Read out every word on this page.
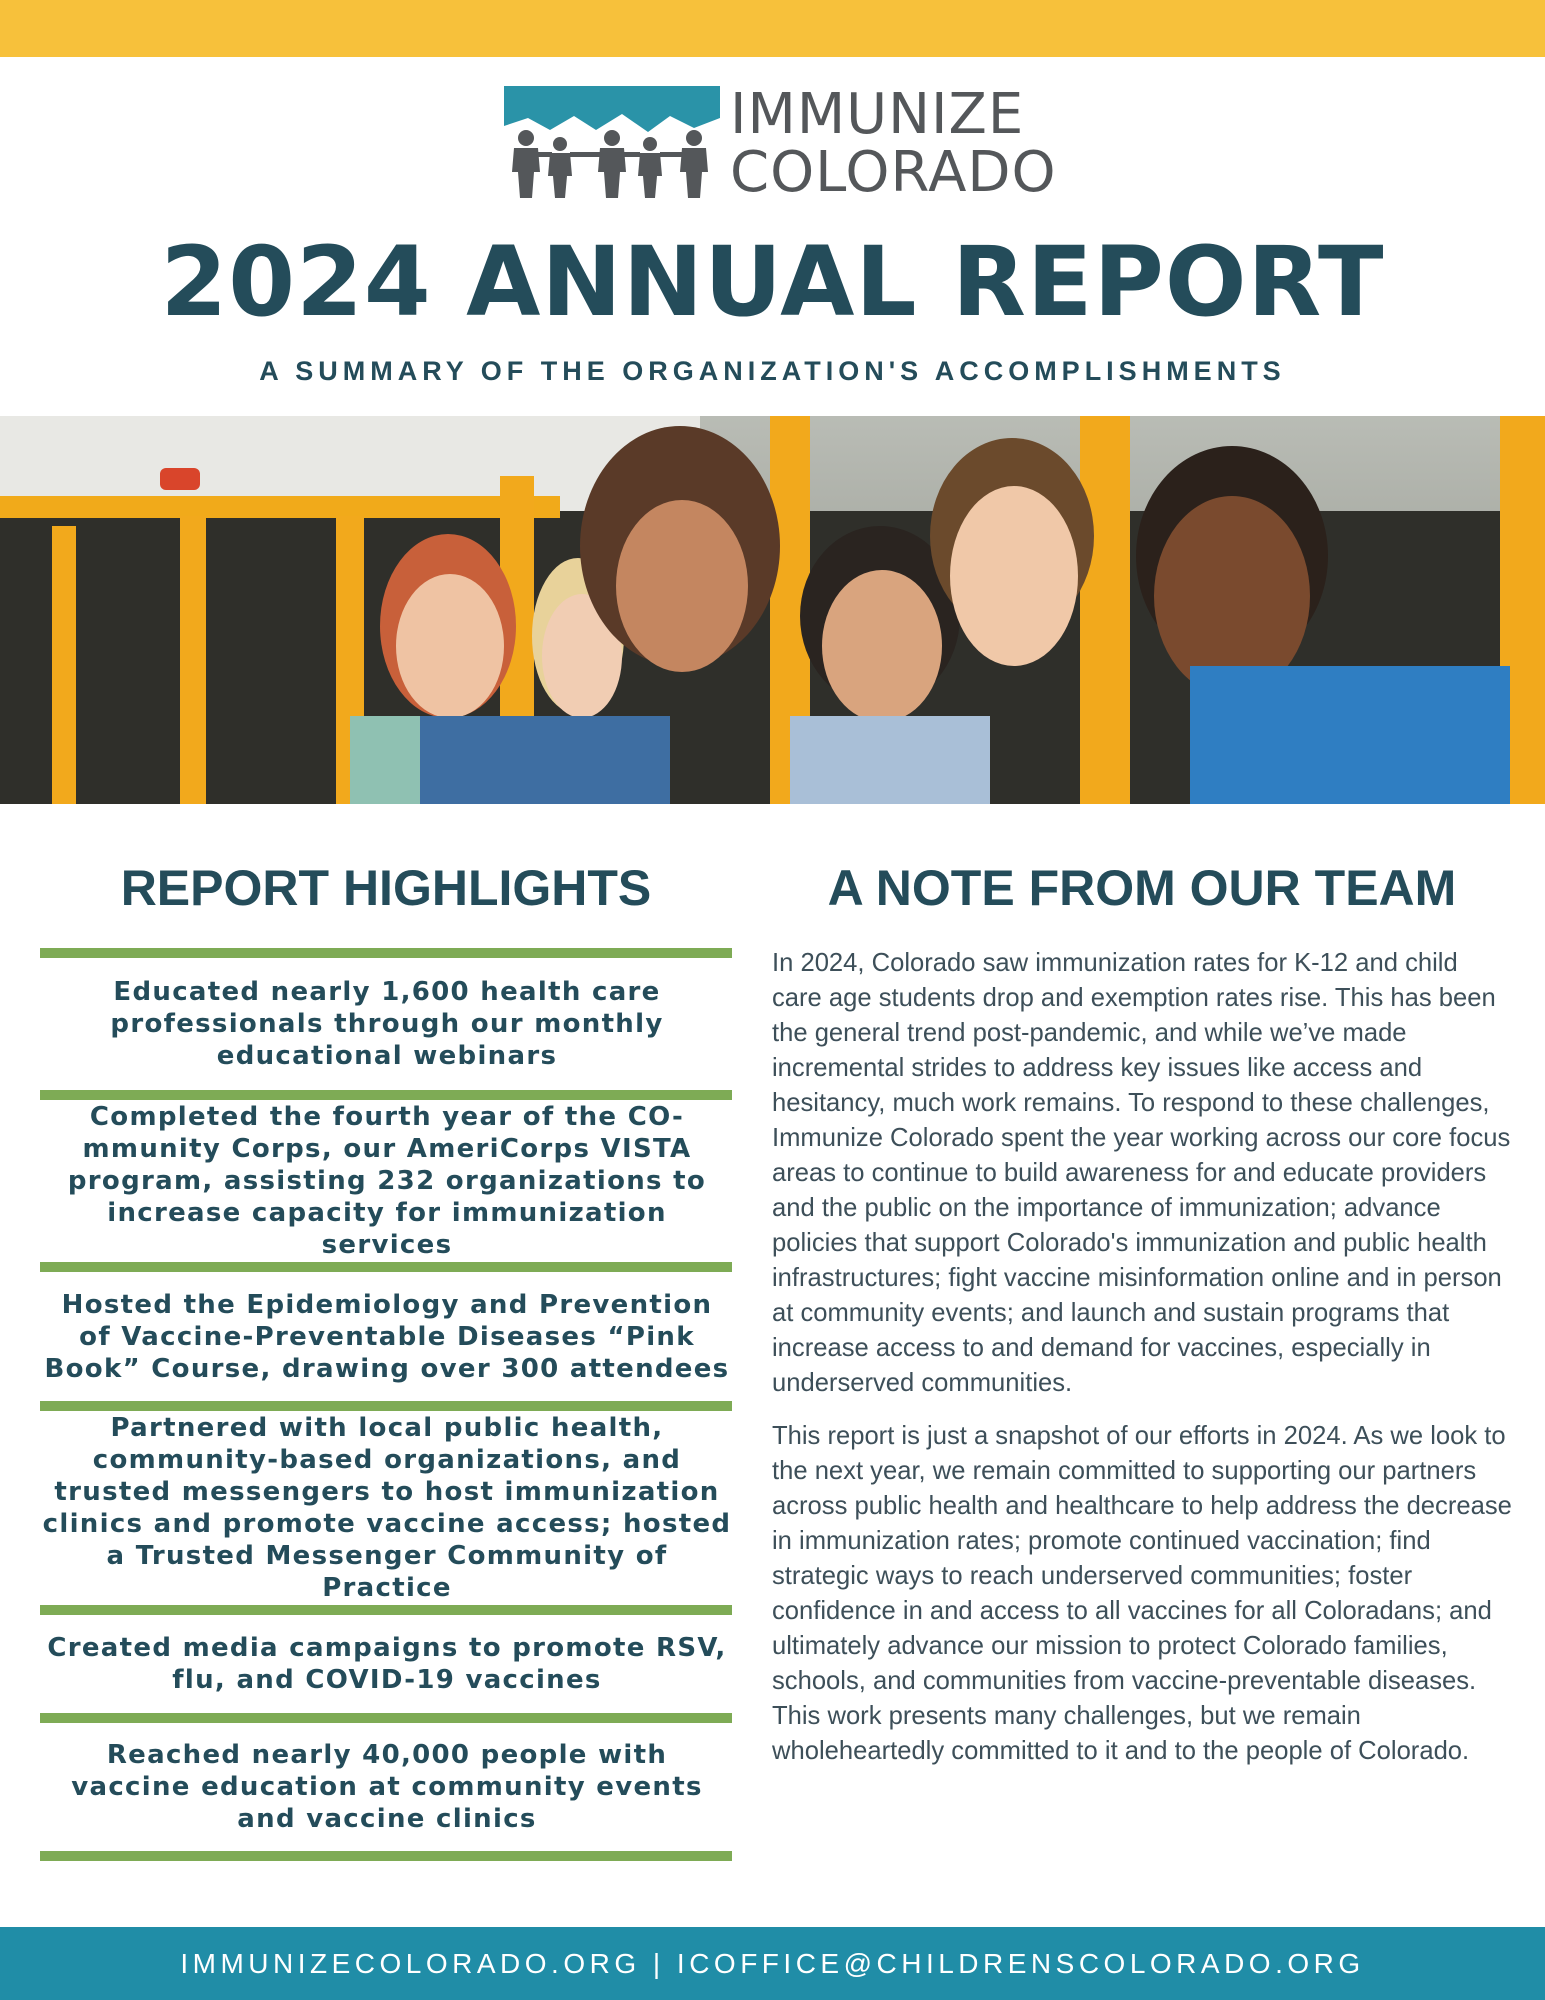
IMMUNIZE
COLORADO
2024 ANNUAL REPORT
A SUMMARY OF THE ORGANIZATION'S ACCOMPLISHMENTS
REPORT HIGHLIGHTS	A NOTE FROM OUR TEAM
Educated nearly 1,600 health care professionals through our monthly educational webinars
Completed the fourth year of the CO-mmunity Corps, our AmeriCorps VISTA program, assisting 232 organizations to increase capacity for immunization services
Hosted the Epidemiology and Prevention of Vaccine-Preventable Diseases “Pink Book” Course, drawing over 300 attendees
Partnered with local public health, community-based organizations, and trusted messengers to host immunization clinics and promote vaccine access; hosted a Trusted Messenger Community of Practice
Created media campaigns to promote RSV, flu, and COVID-19 vaccines
Reached nearly 40,000 people with vaccine education at community events and vaccine clinics

In 2024, Colorado saw immunization rates for K-12 and child care age students drop and exemption rates rise. This has been the general trend post-pandemic, and while we’ve made incremental strides to address key issues like access and hesitancy, much work remains. To respond to these challenges, Immunize Colorado spent the year working across our core focus areas to continue to build awareness for and educate providers and the public on the importance of immunization; advance policies that support Colorado's immunization and public health infrastructures; fight vaccine misinformation online and in person at community events; and launch and sustain programs that increase access to and demand for vaccines, especially in underserved communities.

This report is just a snapshot of our efforts in 2024. As we look to the next year, we remain committed to supporting our partners across public health and healthcare to help address the decrease in immunization rates; promote continued vaccination; find strategic ways to reach underserved communities; foster confidence in and access to all vaccines for all Coloradans; and ultimately advance our mission to protect Colorado families, schools, and communities from vaccine-preventable diseases. This work presents many challenges, but we remain wholeheartedly committed to it and to the people of Colorado.

IMMUNIZECOLORADO.ORG | ICOFFICE@CHILDRENSCOLORADO.ORG
